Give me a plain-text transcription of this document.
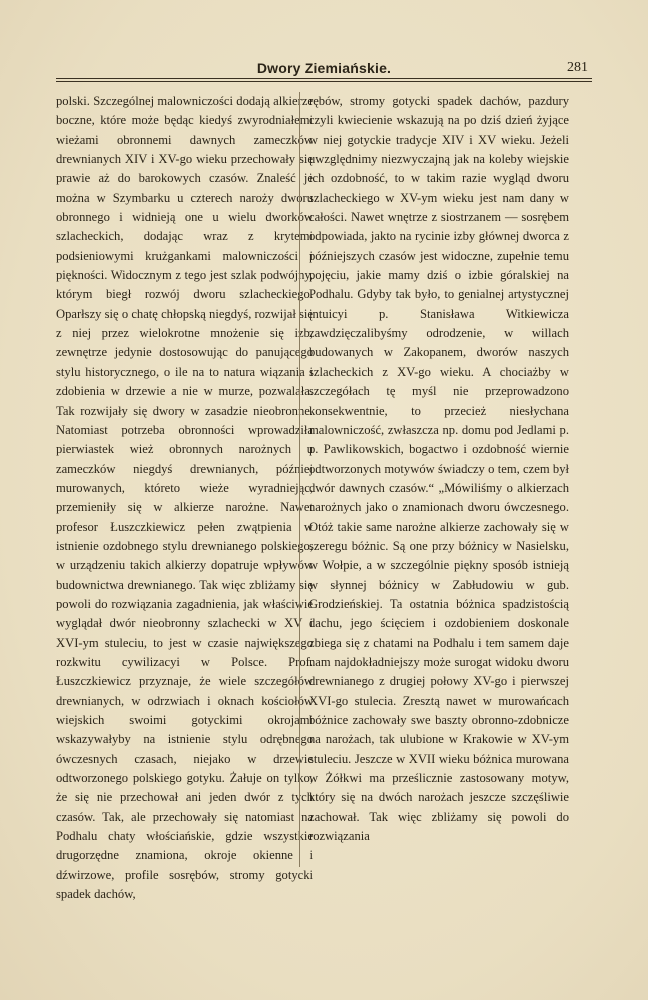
Dwory Ziemiańskie.	281

polski. Szczególnej malowniczości dodają alkierze boczne, które może będąc kiedyś zwyrodniałemi wieżami obronnemi dawnych zameczków drewnianych XIV i XV-go wieku przechowały się prawie aż do barokowych czasów. Znaleść je można w Szymbarku u czterech naroży dworu obronnego i widnieją one u wielu dworków szlacheckich, dodając wraz z krytemi podsieniowymi krużgankami malowniczości i piękności. Widocznym z tego jest szlak podwójny, którym biegł rozwój dworu szlacheckiego. Oparłszy się o chatę chłopską niegdyś, rozwijał się z niej przez wielokrotne mnożenie się izb, zewnętrze jedynie dostosowując do panującego stylu historycznego, o ile na to natura wiązania i zdobienia w drzewie a nie w murze, pozwalała. Tak rozwijały się dwory w zasadzie nieobronne. Natomiast potrzeba obronności wprowadziła pierwiastek wież obronnych narożnych u zameczków niegdyś drewnianych, później murowanych, któreto wieże wyradniejąc, przemieniły się w alkierze narożne. Nawet profesor Łuszczkiewicz pełen zwątpienia w istnienie ozdobnego stylu drewnianego polskiego, w urządzeniu takich alkierzy dopatruje wpływów budownictwa drewnianego. Tak więc zbliżamy się powoli do rozwiązania zagadnienia, jak właściwie wyglądał dwór nieobronny szlachecki w XV i XVI-ym stuleciu, to jest w czasie największego rozkwitu cywilizacyi w Polsce. Prof. Łuszczkiewicz przyznaje, że wiele szczegółów drewnianych, w odrzwiach i oknach kościołów wiejskich swoimi gotyckimi okrojami wskazywałyby na istnienie stylu odrębnego ówczesnych czasach, niejako w drzewie odtworzonego polskiego gotyku. Żałuje on tylko, że się nie przechował ani jeden dwór z tych czasów. Tak, ale przechowały się natomiast na Podhalu chaty włościańskie, gdzie wszystkie drugorzędne znamiona, okroje okienne i dźwirzowe, profile sosrębów, stromy gotycki spadek dachów,

rębów, stromy gotycki spadek dachów, pazdury czyli kwiecienie wskazują na po dziś dzień żyjące w niej gotyckie tradycje XIV i XV wieku. Jeżeli uwzględnimy niezwyczajną jak na koleby wiejskie ich ozdobność, to w takim razie wygląd dworu szlacheckiego w XV-ym wieku jest nam dany w całości. Nawet wnętrze z siostrzanem — sosrębem odpowiada, jakto na rycinie izby głównej dworca z późniejszych czasów jest widoczne, zupełnie temu pojęciu, jakie mamy dziś o izbie góralskiej na Podhalu. Gdyby tak było, to genialnej artystycznej intuicyi p. Stanisława Witkiewicza zawdzięczalibyśmy odrodzenie, w willach budowanych w Zakopanem, dworów naszych szlacheckich z XV-go wieku. A chociażby w szczegółach tę myśl nie przeprowadzono konsekwentnie, to przecież niesłychana malowniczość, zwłaszcza np. domu pod Jedlami p. p. Pawlikowskich, bogactwo i ozdobność wiernie odtworzonych motywów świadczy o tem, czem był dwór dawnych czasów.“ „Mówiliśmy o alkierzach narożnych jako o znamionach dworu ówczesnego. Otóż takie same narożne alkierze zachowały się w szeregu bóżnic. Są one przy bóżnicy w Nasielsku, w Wołpie, a w szczególnie piękny sposób istnieją w słynnej bóżnicy w Zabłudowiu w gub. Grodzieńskiej. Ta ostatnia bóżnica spadzistością dachu, jego ścięciem i ozdobieniem doskonale zbiega się z chatami na Podhalu i tem samem daje nam najdokładniejszy może surogat widoku dworu drewnianego z drugiej połowy XV-go i pierwszej XVI-go stulecia. Zresztą nawet w murowańcach bóżnice zachowały swe baszty obronno-zdobnicze na narożach, tak ulubione w Krakowie w XV-ym stuleciu. Jeszcze w XVII wieku bóżnica murowana w Żółkwi ma prześlicznie zastosowany motyw, który się na dwóch narożach jeszcze szczęśliwie zachował. Tak więc zbliżamy się powoli do rozwiązania
